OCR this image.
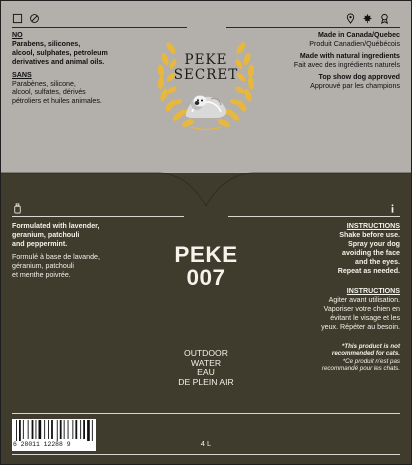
NO
Parabens, silicones,
alcool, sulphates, petroleum
derivatives and animal oils.
SANS
Parabènes, silicone,
alcool, sulfates, dérivés
pétroliers et huiles animales.
Made in Canada/Quebec
Produit Canadien/Québécois
Made with natural ingredients
Fait avec des ingrédients naturels
Top show dog approved
Approuvé par les champions
PEKE
SECRET
Formulated with lavender,
geranium, patchouli
and peppermint.
Formulé à base de lavande,
géranium, patchouli
et menthe poivrée.
PEKE
007
OUTDOOR
WATER
EAU
DE PLEIN AIR
INSTRUCTIONS
Shake before use.
Spray your dog
avoiding the face
and the eyes.
Repeat as needed.
INSTRUCTIONS
Agiter avant utilisation.
Vaporiser votre chien en
évitant le visage et les
yeux. Répéter au besoin.
*This product is not
recommended for cats.
*Ce produit n'est pas
recommandé pour les chats.
6 28011 12288 9	4 L
